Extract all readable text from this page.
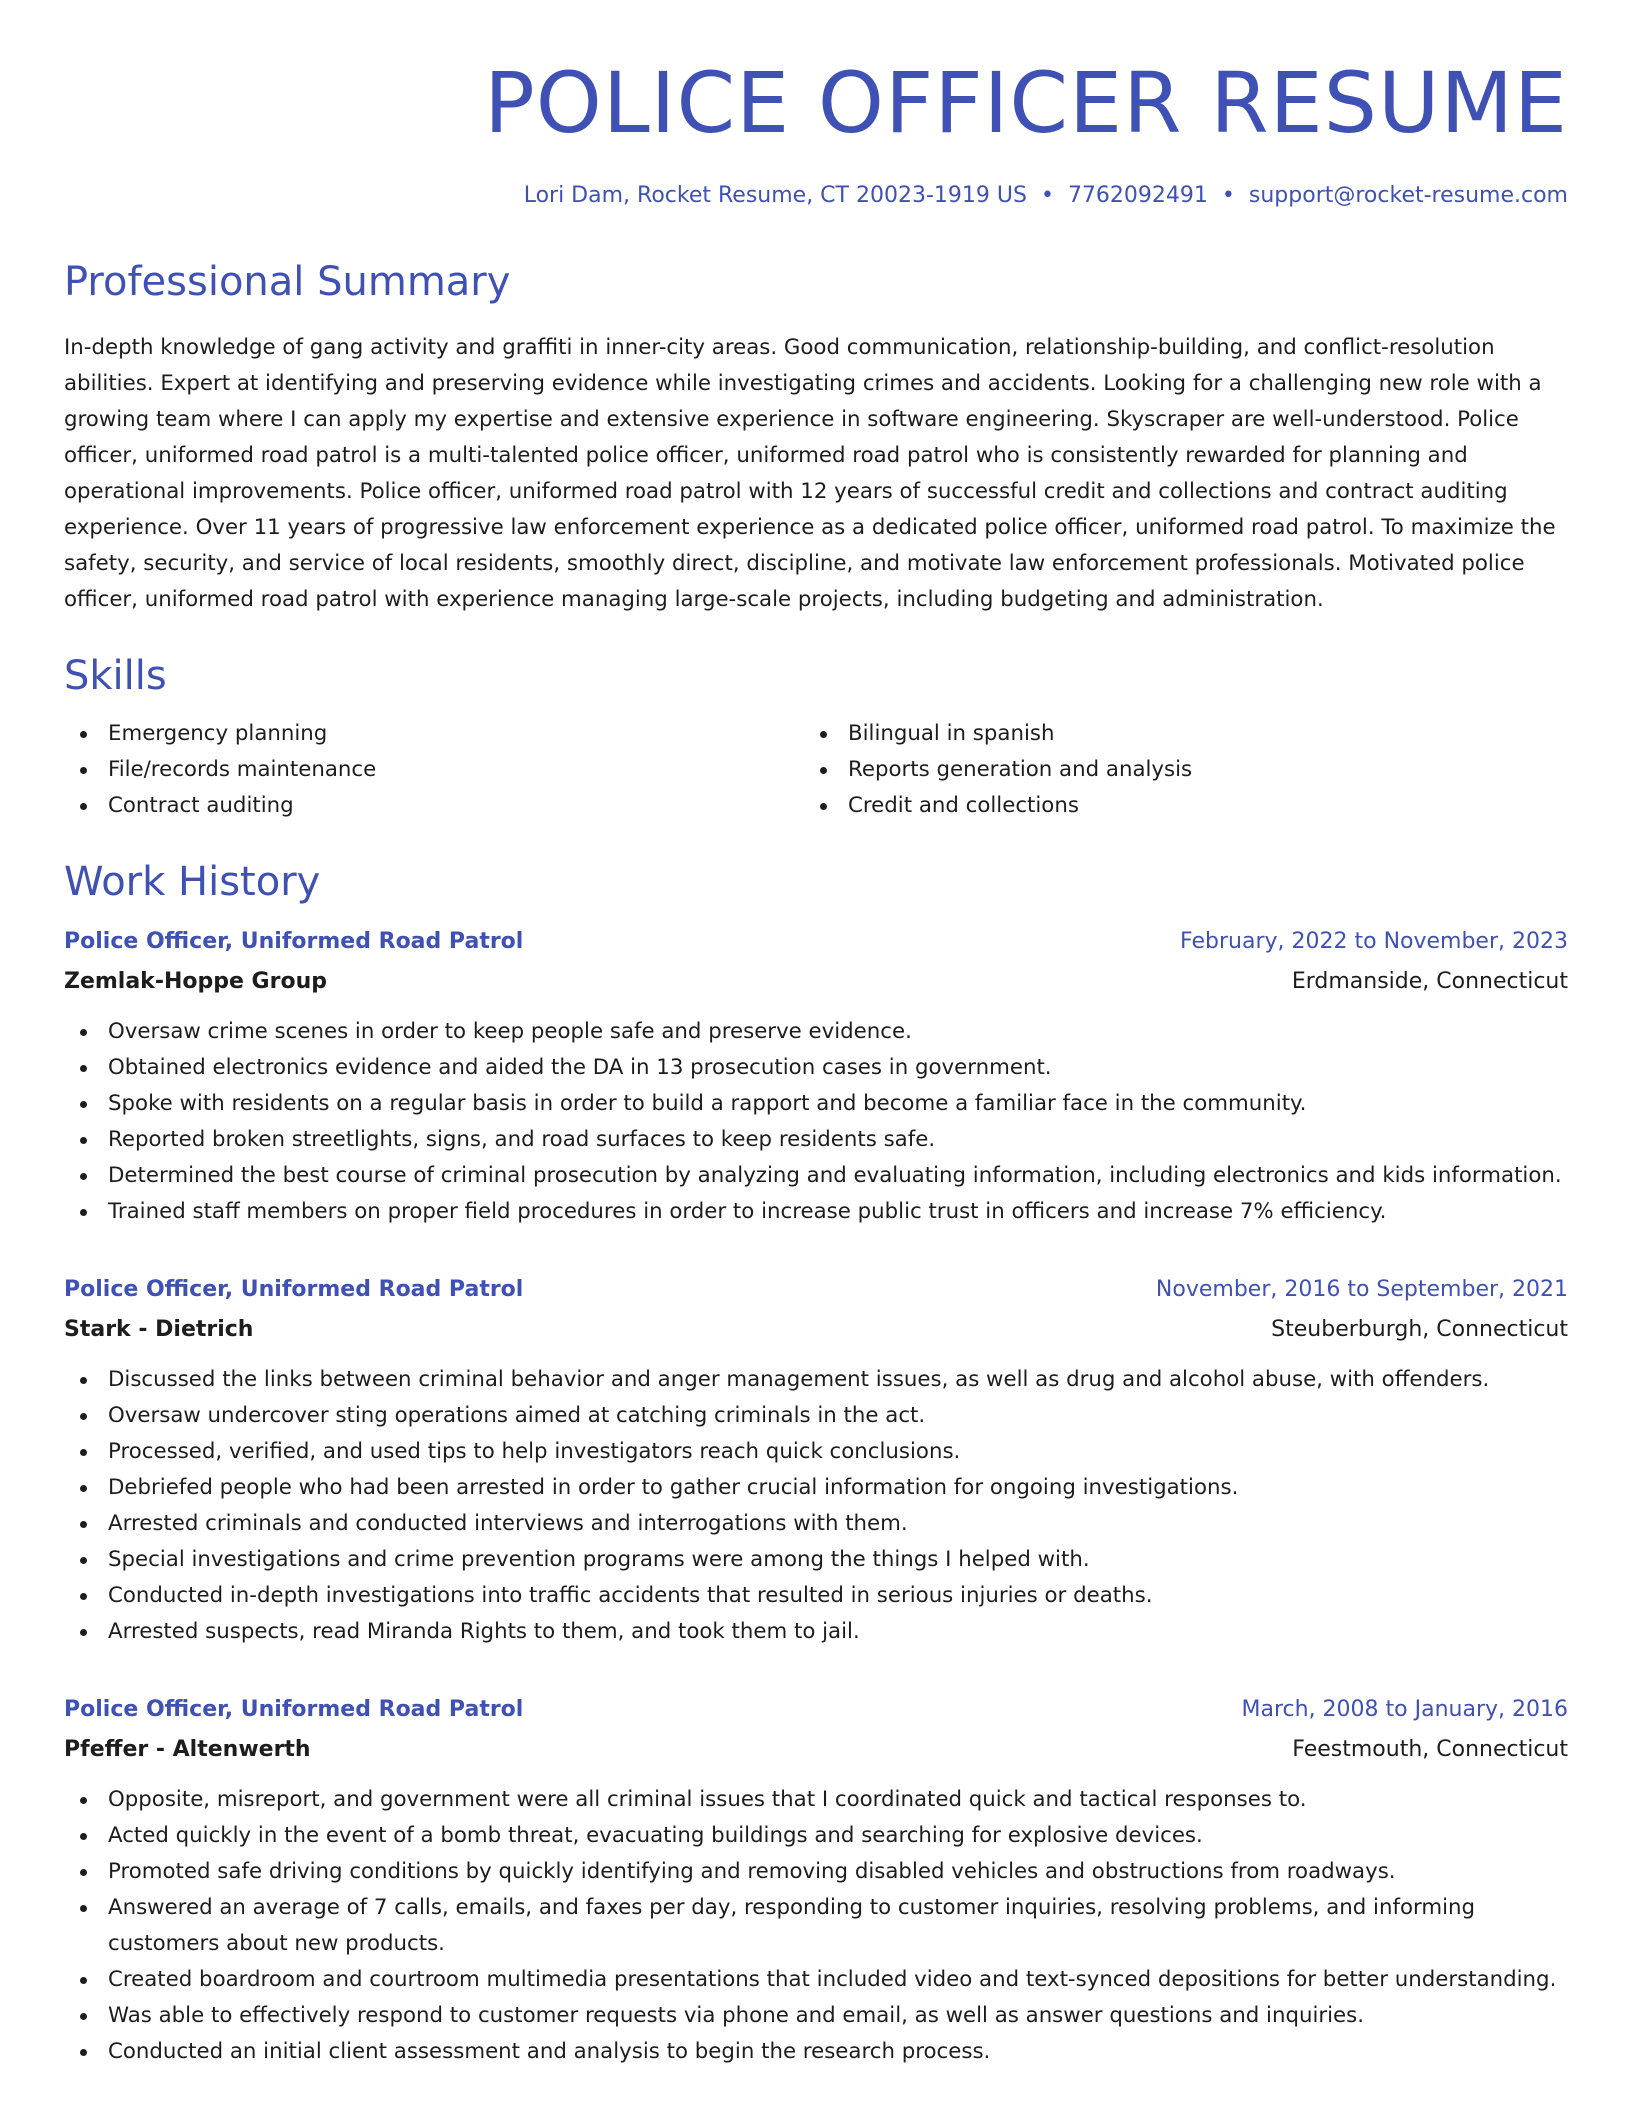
POLICE OFFICER RESUME
Lori Dam, Rocket Resume, CT 20023-1919 US • 7762092491 • support@rocket-resume.com
Professional Summary
In-depth knowledge of gang activity and graffiti in inner-city areas. Good communication, relationship-building, and conflict-resolution abilities. Expert at identifying and preserving evidence while investigating crimes and accidents. Looking for a challenging new role with a growing team where I can apply my expertise and extensive experience in software engineering. Skyscraper are well-understood. Police officer, uniformed road patrol is a multi-talented police officer, uniformed road patrol who is consistently rewarded for planning and operational improvements. Police officer, uniformed road patrol with 12 years of successful credit and collections and contract auditing experience. Over 11 years of progressive law enforcement experience as a dedicated police officer, uniformed road patrol. To maximize the safety, security, and service of local residents, smoothly direct, discipline, and motivate law enforcement professionals. Motivated police officer, uniformed road patrol with experience managing large-scale projects, including budgeting and administration.
Skills
Emergency planning
File/records maintenance
Contract auditing
Bilingual in spanish
Reports generation and analysis
Credit and collections
Work History
Police Officer, Uniformed Road Patrol	February, 2022 to November, 2023
Zemlak-Hoppe Group	Erdmanside, Connecticut
Oversaw crime scenes in order to keep people safe and preserve evidence.
Obtained electronics evidence and aided the DA in 13 prosecution cases in government.
Spoke with residents on a regular basis in order to build a rapport and become a familiar face in the community.
Reported broken streetlights, signs, and road surfaces to keep residents safe.
Determined the best course of criminal prosecution by analyzing and evaluating information, including electronics and kids information.
Trained staff members on proper field procedures in order to increase public trust in officers and increase 7% efficiency.
Police Officer, Uniformed Road Patrol	November, 2016 to September, 2021
Stark - Dietrich	Steuberburgh, Connecticut
Discussed the links between criminal behavior and anger management issues, as well as drug and alcohol abuse, with offenders.
Oversaw undercover sting operations aimed at catching criminals in the act.
Processed, verified, and used tips to help investigators reach quick conclusions.
Debriefed people who had been arrested in order to gather crucial information for ongoing investigations.
Arrested criminals and conducted interviews and interrogations with them.
Special investigations and crime prevention programs were among the things I helped with.
Conducted in-depth investigations into traffic accidents that resulted in serious injuries or deaths.
Arrested suspects, read Miranda Rights to them, and took them to jail.
Police Officer, Uniformed Road Patrol	March, 2008 to January, 2016
Pfeffer - Altenwerth	Feestmouth, Connecticut
Opposite, misreport, and government were all criminal issues that I coordinated quick and tactical responses to.
Acted quickly in the event of a bomb threat, evacuating buildings and searching for explosive devices.
Promoted safe driving conditions by quickly identifying and removing disabled vehicles and obstructions from roadways.
Answered an average of 7 calls, emails, and faxes per day, responding to customer inquiries, resolving problems, and informing customers about new products.
Created boardroom and courtroom multimedia presentations that included video and text-synced depositions for better understanding.
Was able to effectively respond to customer requests via phone and email, as well as answer questions and inquiries.
Conducted an initial client assessment and analysis to begin the research process.
